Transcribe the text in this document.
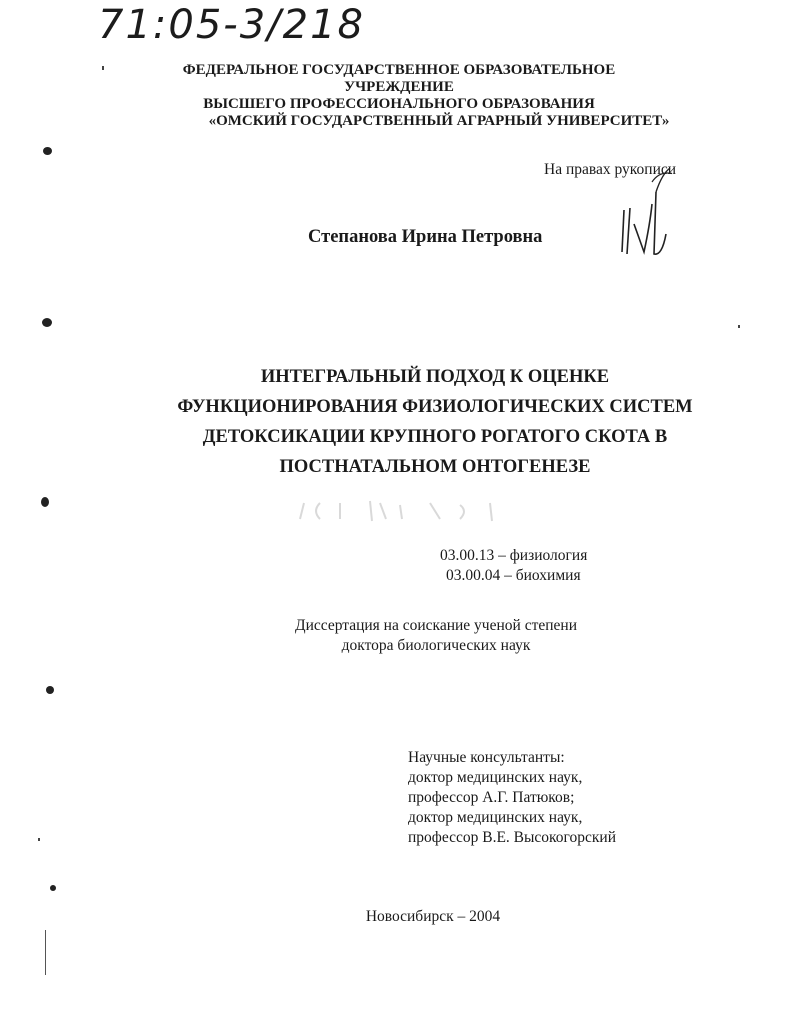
71:05-3/218
ФЕДЕРАЛЬНОЕ ГОСУДАРСТВЕННОЕ ОБРАЗОВАТЕЛЬНОЕ
УЧРЕЖДЕНИЕ
ВЫСШЕГО ПРОФЕССИОНАЛЬНОГО ОБРАЗОВАНИЯ
«ОМСКИЙ ГОСУДАРСТВЕННЫЙ АГРАРНЫЙ УНИВЕРСИТЕТ»
На правах рукописи
Степанова Ирина Петровна
ИНТЕГРАЛЬНЫЙ ПОДХОД К ОЦЕНКЕ
ФУНКЦИОНИРОВАНИЯ ФИЗИОЛОГИЧЕСКИХ СИСТЕМ
ДЕТОКСИКАЦИИ КРУПНОГО РОГАТОГО СКОТА В
ПОСТНАТАЛЬНОМ ОНТОГЕНЕЗЕ
03.00.13 – физиология
03.00.04 – биохимия
Диссертация на соискание ученой степени
доктора биологических наук
Научные консультанты:
доктор медицинских наук,
профессор А.Г. Патюков;
доктор медицинских наук,
профессор В.Е. Высокогорский
Новосибирск – 2004
